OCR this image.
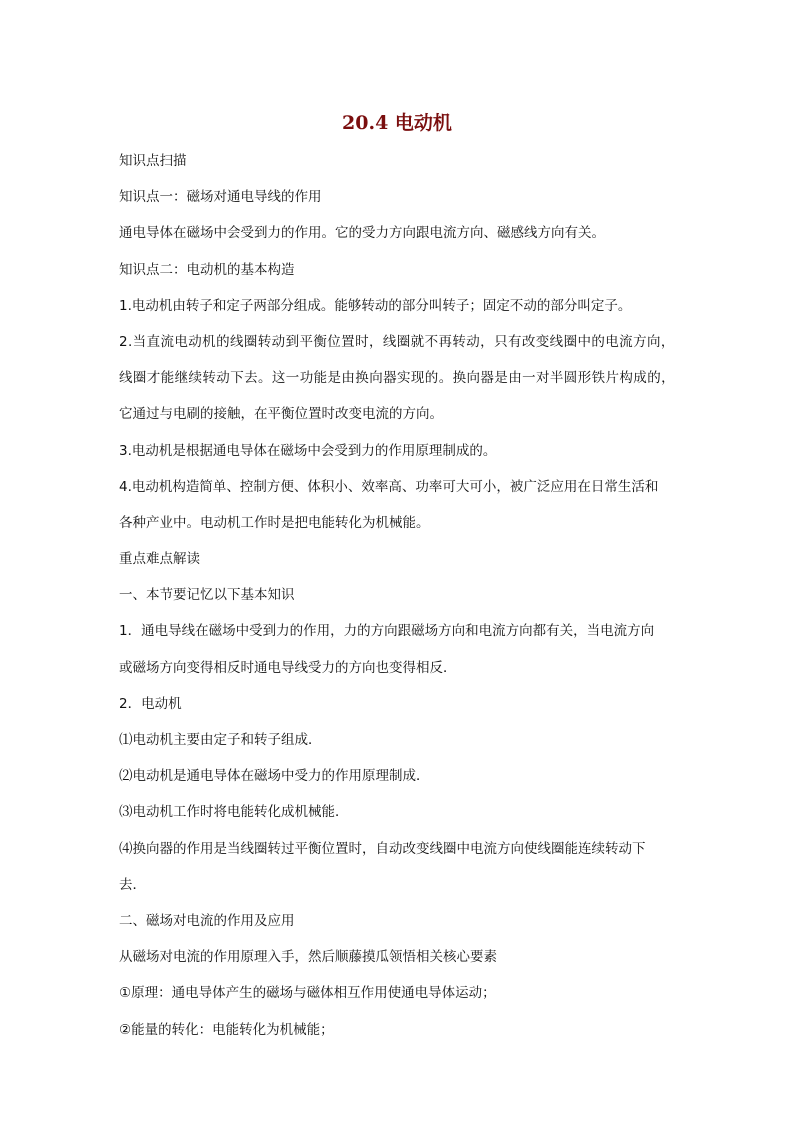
20.4 电动机
知识点扫描
知识点一：磁场对通电导线的作用
通电导体在磁场中会受到力的作用。它的受力方向跟电流方向、磁感线方向有关。
知识点二：电动机的基本构造
1.电动机由转子和定子两部分组成。能够转动的部分叫转子；固定不动的部分叫定子。
2.当直流电动机的线圈转动到平衡位置时，线圈就不再转动，只有改变线圈中的电流方向，
线圈才能继续转动下去。这一功能是由换向器实现的。换向器是由一对半圆形铁片构成的，
它通过与电刷的接触，在平衡位置时改变电流的方向。
3.电动机是根据通电导体在磁场中会受到力的作用原理制成的。
4.电动机构造简单、控制方便、体积小、效率高、功率可大可小，被广泛应用在日常生活和
各种产业中。电动机工作时是把电能转化为机械能。
重点难点解读
一、本节要记忆以下基本知识
1．通电导线在磁场中受到力的作用，力的方向跟磁场方向和电流方向都有关，当电流方向
或磁场方向变得相反时通电导线受力的方向也变得相反．
2．电动机
⑴电动机主要由定子和转子组成．
⑵电动机是通电导体在磁场中受力的作用原理制成．
⑶电动机工作时将电能转化成机械能．
⑷换向器的作用是当线圈转过平衡位置时，自动改变线圈中电流方向使线圈能连续转动下
去．
二、磁场对电流的作用及应用
从磁场对电流的作用原理入手，然后顺藤摸瓜领悟相关核心要素
①原理：通电导体产生的磁场与磁体相互作用使通电导体运动；
②能量的转化：电能转化为机械能；
